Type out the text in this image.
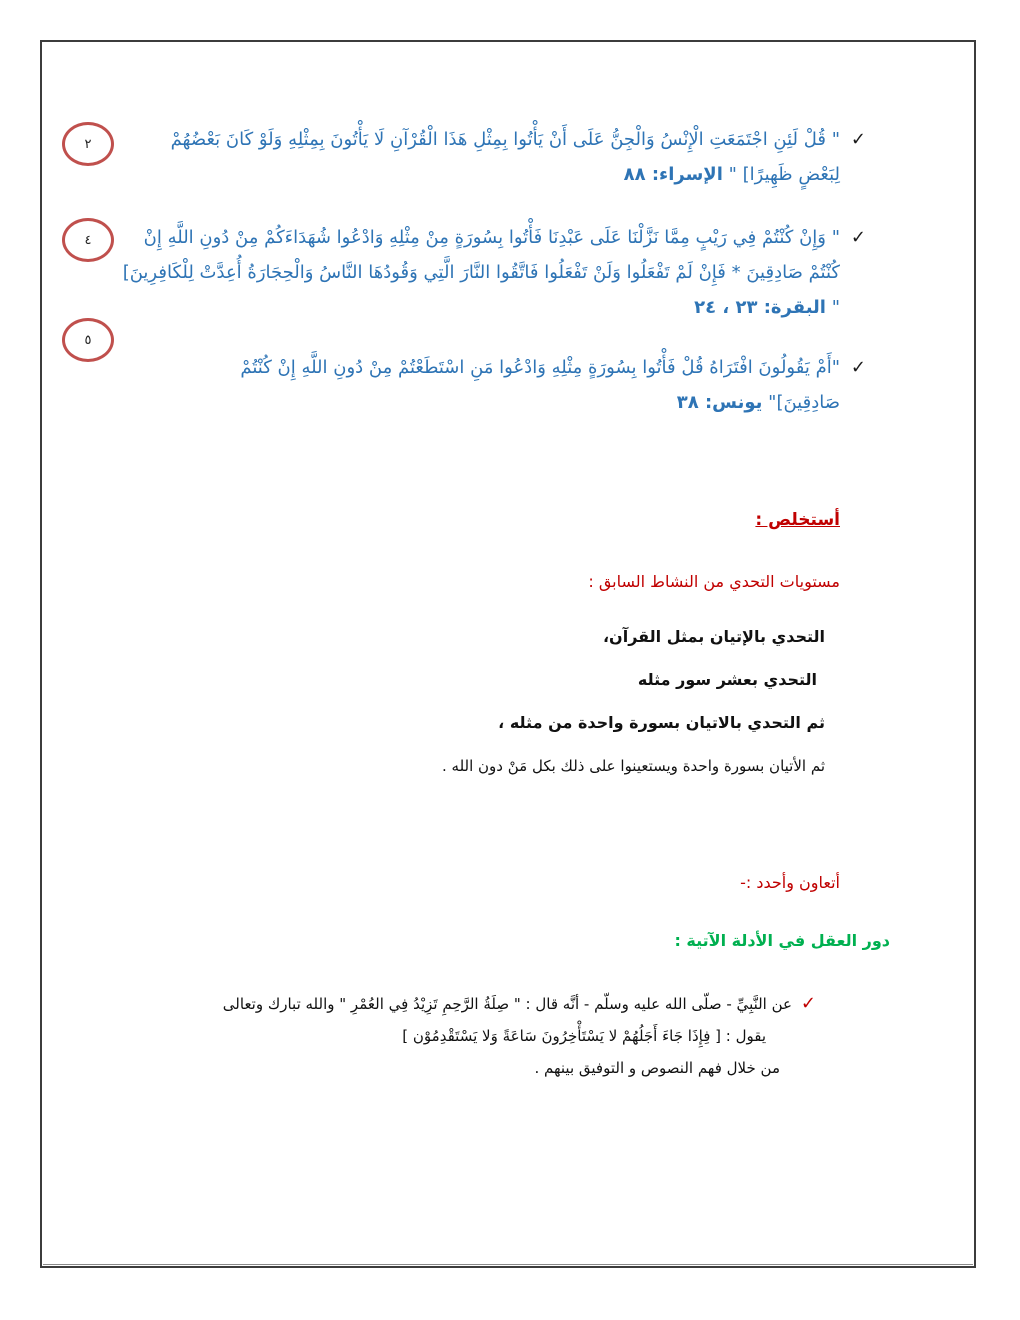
٢
٤
٥
✓
" قُلْ لَئِنِ اجْتَمَعَتِ الْإِنْسُ وَالْجِنُّ عَلَى أَنْ يَأْتُوا بِمِثْلِ هَذَا الْقُرْآنِ لَا يَأْتُونَ بِمِثْلِهِ وَلَوْ كَانَ بَعْضُهُمْ لِبَعْضٍ ظَهِيرًا] " الإسراء: ٨٨
✓
" وَإِنْ كُنْتُمْ فِي رَيْبٍ مِمَّا نَزَّلْنَا عَلَى عَبْدِنَا فَأْتُوا بِسُورَةٍ مِنْ مِثْلِهِ وَادْعُوا شُهَدَاءَكُمْ مِنْ دُونِ اللَّهِ إِنْ كُنْتُمْ صَادِقِينَ * فَإِنْ لَمْ تَفْعَلُوا وَلَنْ تَفْعَلُوا فَاتَّقُوا النَّارَ الَّتِي وَقُودُهَا النَّاسُ وَالْحِجَارَةُ أُعِدَّتْ لِلْكَافِرِينَ] " البقرة: ٢٣ ، ٢٤
✓
"أَمْ يَقُولُونَ افْتَرَاهُ قُلْ فَأْتُوا بِسُورَةٍ مِثْلِهِ وَادْعُوا مَنِ اسْتَطَعْتُمْ مِنْ دُونِ اللَّهِ إِنْ كُنْتُمْ صَادِقِينَ]" يونس: ٣٨
أستخلص :
مستويات التحدي من النشاط السابق :
التحدي بالإتيان بمثل القرآن،
التحدي بعشر سور مثله
ثم التحدي بالاتيان بسورة واحدة من مثله ،
ثم الأتيان بسورة واحدة ويستعينوا على ذلك بكل مَنْ دون الله .
أتعاون وأحدد :-
دور العقل في الأدلة الآتية :
✓
عن النَّبِيِّ - صلّى الله عليه وسلّم - أنَّه قال : " صِلَةُ الرَّحِمِ تَزِيْدُ فِي العُمْرِ " والله تبارك وتعالى
يقول : [ فِإِذَا جَاءَ أَجَلُهُمْ لا يَسْتَأْخِرُونَ سَاعَةً وَلا يَسْتَقْدِمُوْن ]
من خلال فهم النصوص و التوفيق بينهم .
